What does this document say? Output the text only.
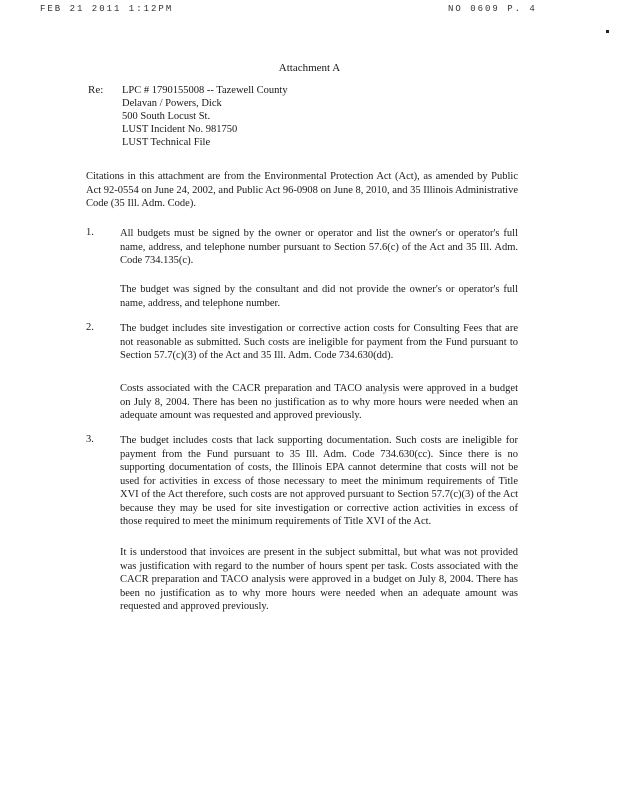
FEB 21 2011 1:12PM	NO 0609 P. 4
Attachment A
Re: LPC # 1790155008 -- Tazewell County
Delavan / Powers, Dick
500 South Locust St.
LUST Incident No. 981750
LUST Technical File
Citations in this attachment are from the Environmental Protection Act (Act), as amended by Public Act 92-0554 on June 24, 2002, and Public Act 96-0908 on June 8, 2010, and 35 Illinois Administrative Code (35 Ill. Adm. Code).
1. All budgets must be signed by the owner or operator and list the owner's or operator's full name, address, and telephone number pursuant to Section 57.6(c) of the Act and 35 Ill. Adm. Code 734.135(c).
The budget was signed by the consultant and did not provide the owner's or operator's full name, address, and telephone number.
2. The budget includes site investigation or corrective action costs for Consulting Fees that are not reasonable as submitted. Such costs are ineligible for payment from the Fund pursuant to Section 57.7(c)(3) of the Act and 35 Ill. Adm. Code 734.630(dd).
Costs associated with the CACR preparation and TACO analysis were approved in a budget on July 8, 2004. There has been no justification as to why more hours were needed when an adequate amount was requested and approved previously.
3. The budget includes costs that lack supporting documentation. Such costs are ineligible for payment from the Fund pursuant to 35 Ill. Adm. Code 734.630(cc). Since there is no supporting documentation of costs, the Illinois EPA cannot determine that costs will not be used for activities in excess of those necessary to meet the minimum requirements of Title XVI of the Act therefore, such costs are not approved pursuant to Section 57.7(c)(3) of the Act because they may be used for site investigation or corrective action activities in excess of those required to meet the minimum requirements of Title XVI of the Act.
It is understood that invoices are present in the subject submittal, but what was not provided was justification with regard to the number of hours spent per task. Costs associated with the CACR preparation and TACO analysis were approved in a budget on July 8, 2004. There has been no justification as to why more hours were needed when an adequate amount was requested and approved previously.
